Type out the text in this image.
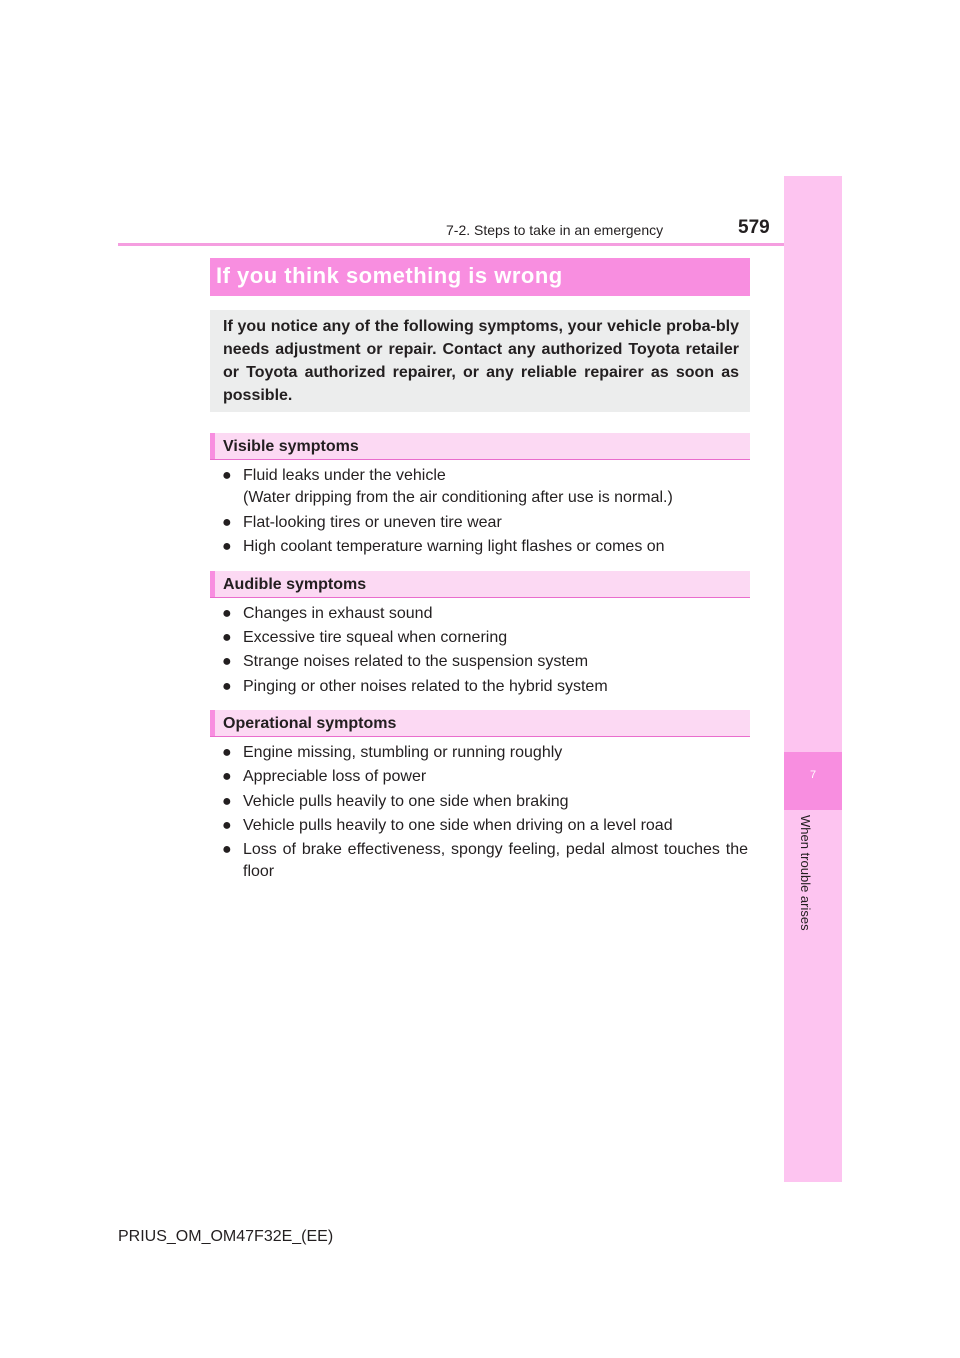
7-2. Steps to take in an emergency	579
7
When trouble arises
If you think something is wrong

If you notice any of the following symptoms, your vehicle proba-bly needs adjustment or repair. Contact any authorized Toyota retailer or Toyota authorized repairer, or any reliable repairer as soon as possible.

Visible symptoms
● Fluid leaks under the vehicle
(Water dripping from the air conditioning after use is normal.)
● Flat-looking tires or uneven tire wear
● High coolant temperature warning light flashes or comes on
Audible symptoms
● Changes in exhaust sound
● Excessive tire squeal when cornering
● Strange noises related to the suspension system
● Pinging or other noises related to the hybrid system
Operational symptoms
● Engine missing, stumbling or running roughly
● Appreciable loss of power
● Vehicle pulls heavily to one side when braking
● Vehicle pulls heavily to one side when driving on a level road
● Loss of brake effectiveness, spongy feeling, pedal almost touches the floor
PRIUS_OM_OM47F32E_(EE)
